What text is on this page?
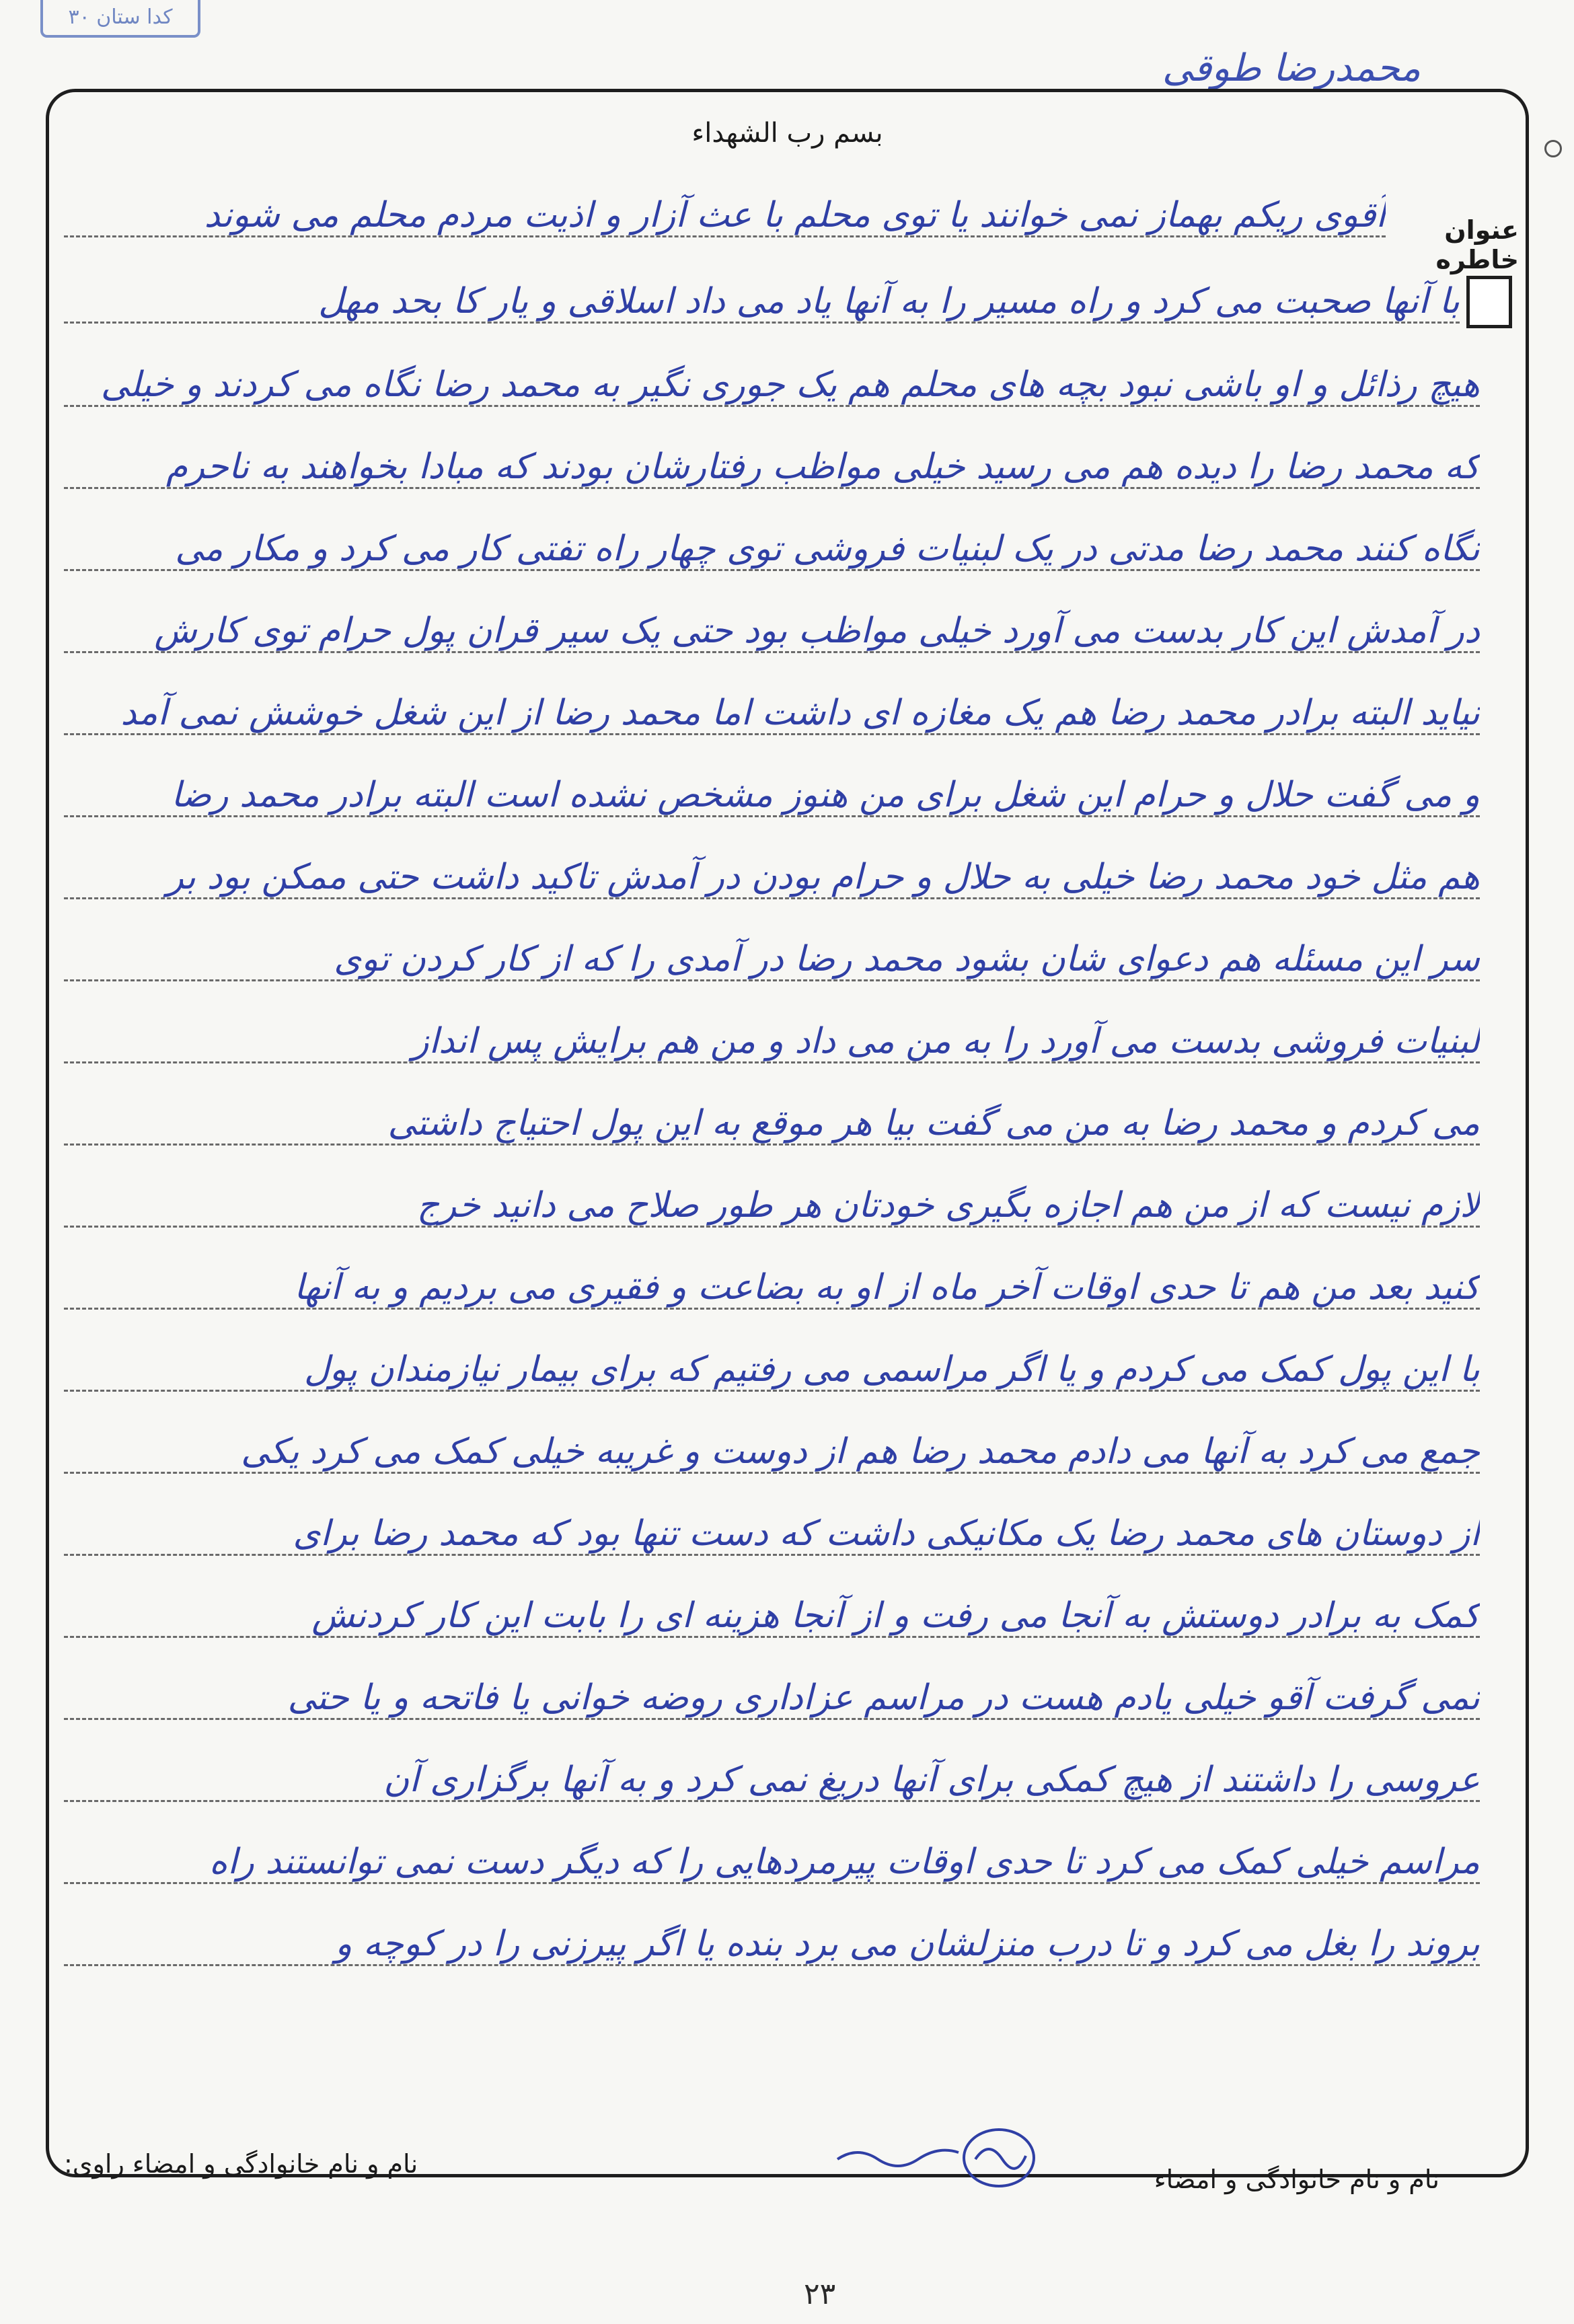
کدا ستان ۳۰
محمدرضا طوقی
بسم رب الشهداء
عنوان خاطره
آقوی ریکم بهماز نمی خوانند یا توی محلم با عث آزار و اذیت مردم محلم می شوند
با آنها صحبت می کرد و راه مسیر را به آنها یاد می داد اسلاقی و یار کا بحد مهل
هیچ رذائل و او باشی نبود بچه های محلم هم یک جوری نگیر به محمد رضا نگاه می کردند و خیلی
که محمد رضا را دیده هم می رسید خیلی مواظب رفتارشان بودند که مبادا بخواهند به ناحرم
نگاه کنند محمد رضا مدتی در یک لبنیات فروشی توی چهار راه تفتی کار می کرد و مکار می
در آمدش این کار بدست می آورد خیلی مواظب بود حتی یک سیر قران پول حرام توی کارش
نیاید البته برادر محمد رضا هم یک مغازه ای داشت اما محمد رضا از این شغل خوشش نمی آمد
و می گفت حلال و حرام این شغل برای من هنوز مشخص نشده است البته برادر محمد رضا
هم مثل خود محمد رضا خیلی به حلال و حرام بودن در آمدش تاکید داشت حتی ممکن بود بر
سر این مسئله هم دعوای شان بشود محمد رضا در آمدی را که از کار کردن توی
لبنیات فروشی بدست می آورد را به من می داد و من هم برایش پس انداز
می کردم و محمد رضا به من می گفت بیا هر موقع به این پول احتیاج داشتی
لازم نیست که از من هم اجازه بگیری خودتان هر طور صلاح می دانید خرج
کنید بعد من هم تا حدی اوقات آخر ماه از او به بضاعت و فقیری می بردیم و به آنها
با این پول کمک می کردم و یا اگر مراسمی می رفتیم که برای بیمار نیازمندان پول
جمع می کرد به آنها می دادم محمد رضا هم از دوست و غریبه خیلی کمک می کرد یکی
از دوستان های محمد رضا یک مکانیکی داشت که دست تنها بود که محمد رضا برای
کمک به برادر دوستش به آنجا می رفت و از آنجا هزینه ای را بابت این کار کردنش
نمی گرفت آقو خیلی یادم هست در مراسم عزاداری روضه خوانی یا فاتحه و یا حتی
عروسی را داشتند از هیچ کمکی برای آنها دریغ نمی کرد و به آنها برگزاری آن
مراسم خیلی کمک می کرد تا حدی اوقات پیرمردهایی را که دیگر دست نمی توانستند راه
بروند را بغل می کرد و تا درب منزلشان می برد بنده یا اگر پیرزنی را در کوچه و
نام و نام خانوادگی و امضاء راوی:
نام و نام خانوادگی و امضاء
۲۳
